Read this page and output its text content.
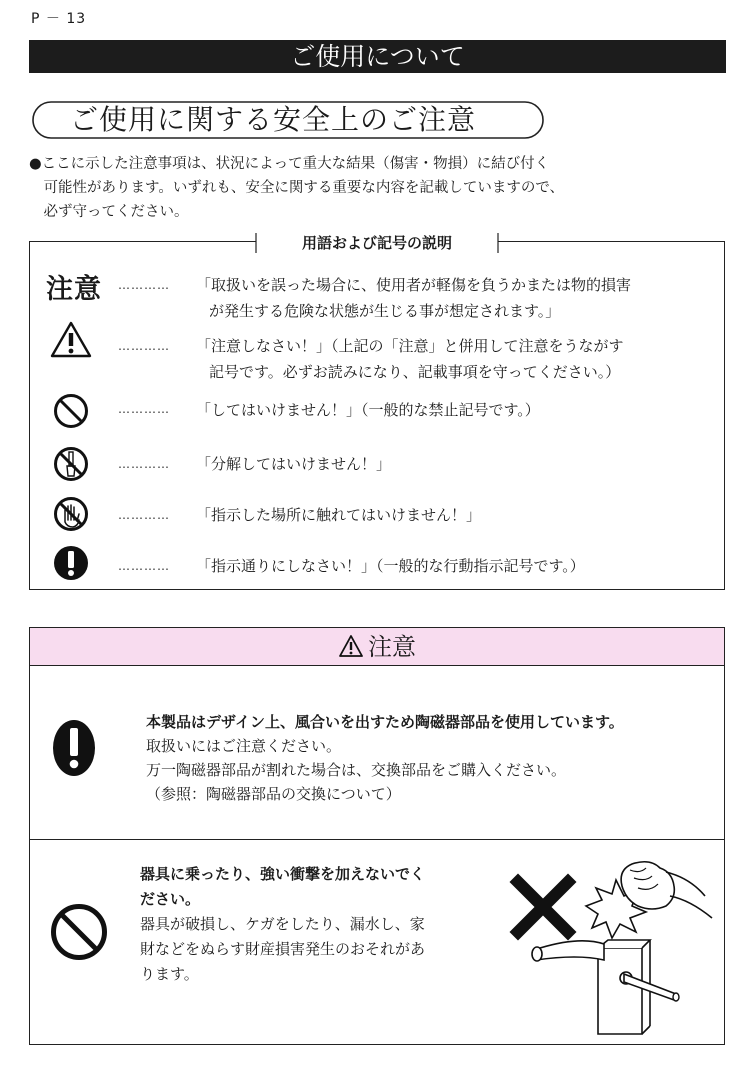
P － 13
ご使用について
ご使用に関する安全上のご注意
●ここに示した注意事項は、状況によって重大な結果（傷害・物損）に結び付く
　可能性があります。いずれも、安全に関する重要な内容を記載していますので、
　必ず守ってください。
用語および記号の説明
注意 ………… 「取扱いを誤った場合に、使用者が軽傷を負うかまたは物的損害
が発生する危険な状態が生じる事が想定されます。」
………… 「注意しなさい！」（上記の「注意」と併用して注意をうながす
記号です。必ずお読みになり、記載事項を守ってください。）
………… 「してはいけません！」（一般的な禁止記号です。）
………… 「分解してはいけません！」
………… 「指示した場所に触れてはいけません！」
………… 「指示通りにしなさい！」（一般的な行動指示記号です。）
注意
本製品はデザイン上、風合いを出すため陶磁器部品を使用しています。
取扱いにはご注意ください。
万一陶磁器部品が割れた場合は、交換部品をご購入ください。
（参照：陶磁器部品の交換について）
器具に乗ったり、強い衝撃を加えないでく
ださい。
器具が破損し、ケガをしたり、漏水し、家
財などをぬらす財産損害発生のおそれがあ
ります。
